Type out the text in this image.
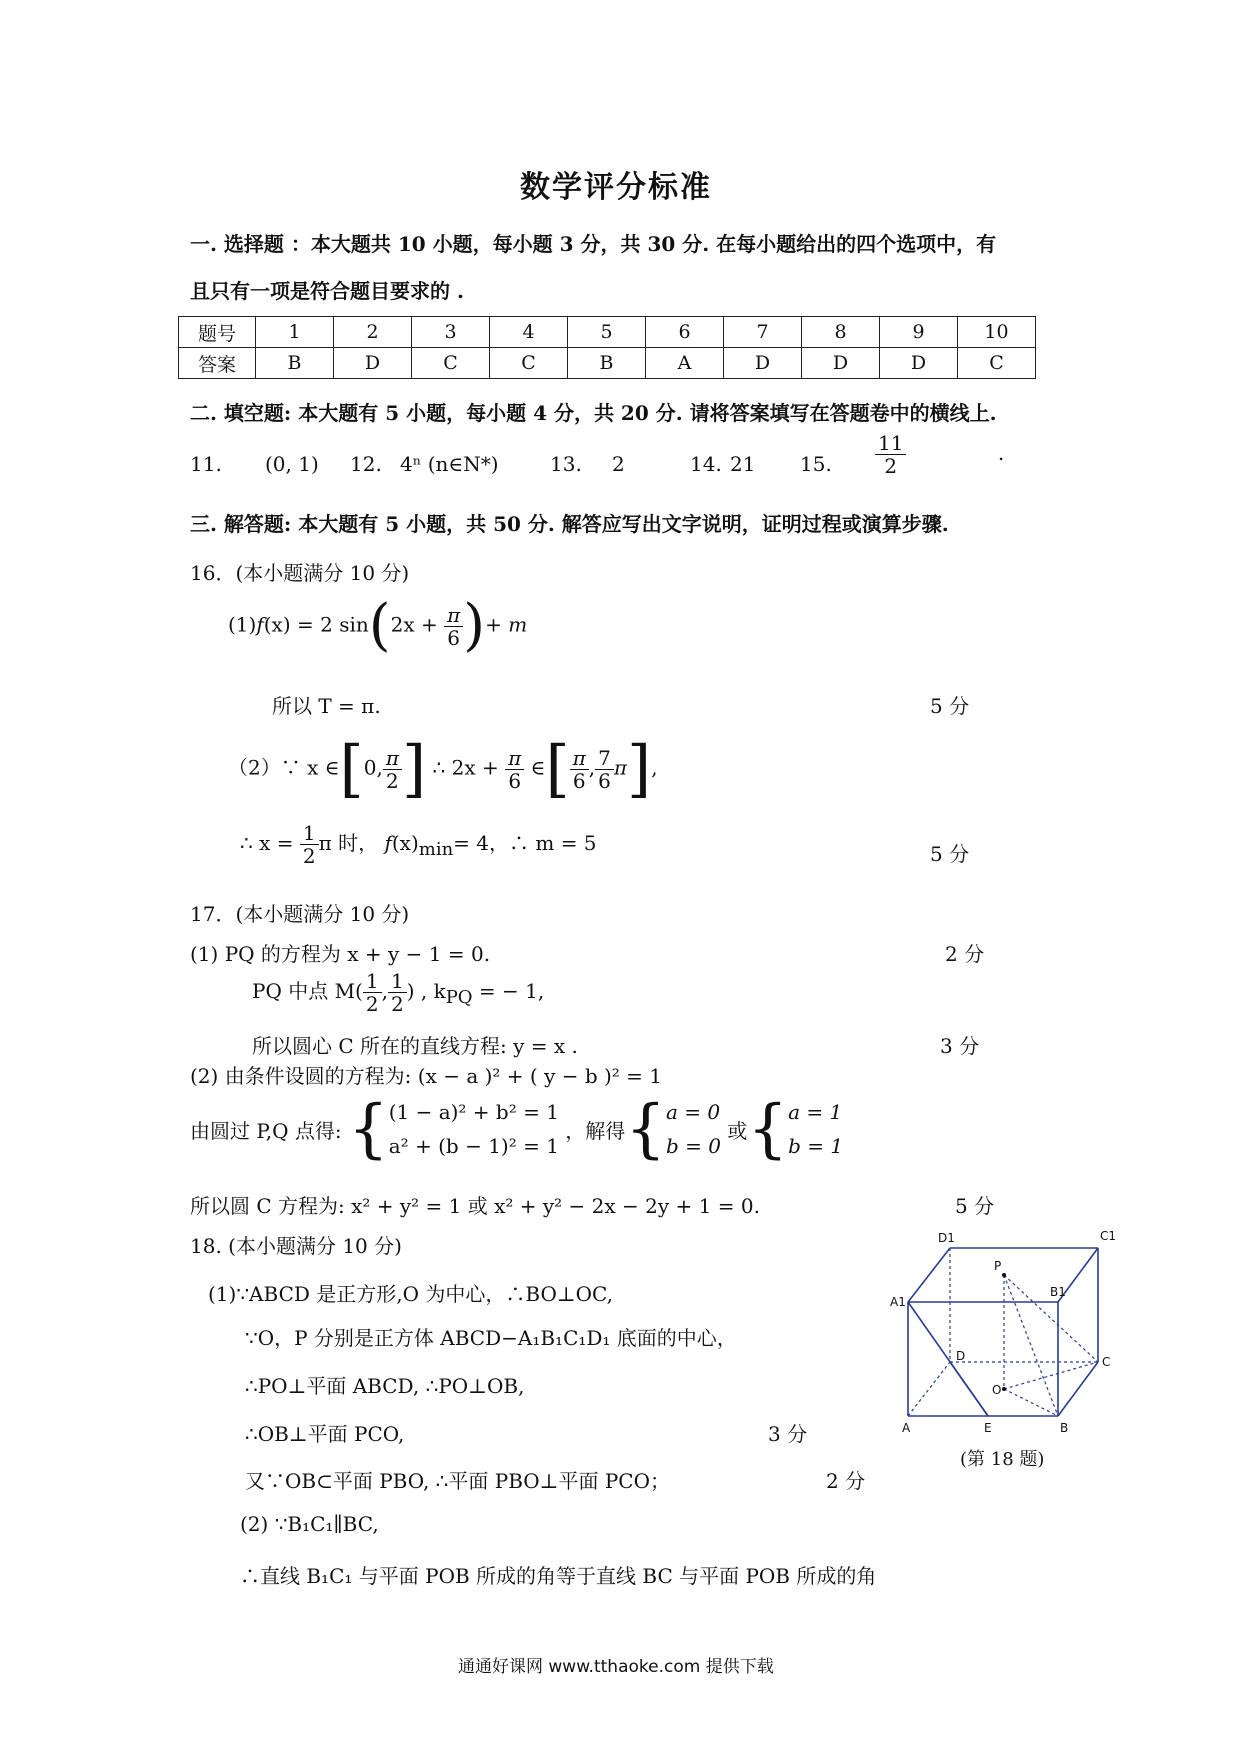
数学评分标准
一. 选择题 ：本大题共 10 小题，每小题 3 分，共 30 分. 在每小题给出的四个选项中，有
且只有一项是符合题目要求的 .
题号	1	2	3	4	5	6	7	8	9	10
答案	B	D	C	C	B	A	D	D	D	C
二. 填空题: 本大题有 5 小题，每小题 4 分，共 20 分. 请将答案填写在答题卷中的横线上.
11. (0, 1) 12. 4ⁿ (n∈N*)	13. 2	14. 21 15. $\frac{11}{2}$	.
三. 解答题: 本大题有 5 小题，共 50 分. 解答应写出文字说明，证明过程或演算步骤.
16．(本小题满分 10 分)
(1)f(x) = 2 $\sin(2x + \frac{\pi}{6}$ )+ m
所以 T = π.	5 分
（2）∵ x ∈[0, $\frac{\pi}{2}$ ] ∴ $2x + \frac{\pi}{6}$ ∈[ $\frac{\pi}{6}$ , $\frac{7}{6} \pi$],
∴ $x = \frac{1}{2}$ π 时， $f(x)_{min}= 4$，∴ m = 5	5 分
17．(本小题满分 10 分)
(1) PQ 的方程为 x + y − 1 = 0.	2 分
PQ 中点 $M( \frac{1}{2}$ , $\frac{1}{2}$ ) , $k_{PQ}$ = − 1,
所以圆心 C 所在的直线方程: y = x .	3 分
(2) 由条件设圆的方程为: (x − a )² + ( y − b )² = 1
由圆过 P,Q 点得: { (1 − a)² + b² = 1
a² + (b − 1)² = 1
，解得{ a = 0
b = 0
或{ a = 1
b = 1
所以圆 C 方程为: x² + y² = 1 或 x² + y² − 2x − 2y + 1 = 0.	5 分
18. (本小题满分 10 分)
(1)∵ABCD 是正方形,O 为中心，∴BO⊥OC,
∵O，P 分别是正方体 ABCD−A₁B₁C₁D₁ 底面的中心，
∴PO⊥平面 ABCD, ∴PO⊥OB,
∴OB⊥平面 PCO,	3 分
又∵OB⊂平面 PBO, ∴平面 PBO⊥平面 PCO；	2 分
(2) ∵B₁C₁∥BC,
∴直线 B₁C₁ 与平面 POB 所成的角等于直线 BC 与平面 POB 所成的角
D1	C1
A1
B1
P
D	C
O
A	E	B
(第 18 题)
通通好课网 www.tthaoke.com 提供下载
